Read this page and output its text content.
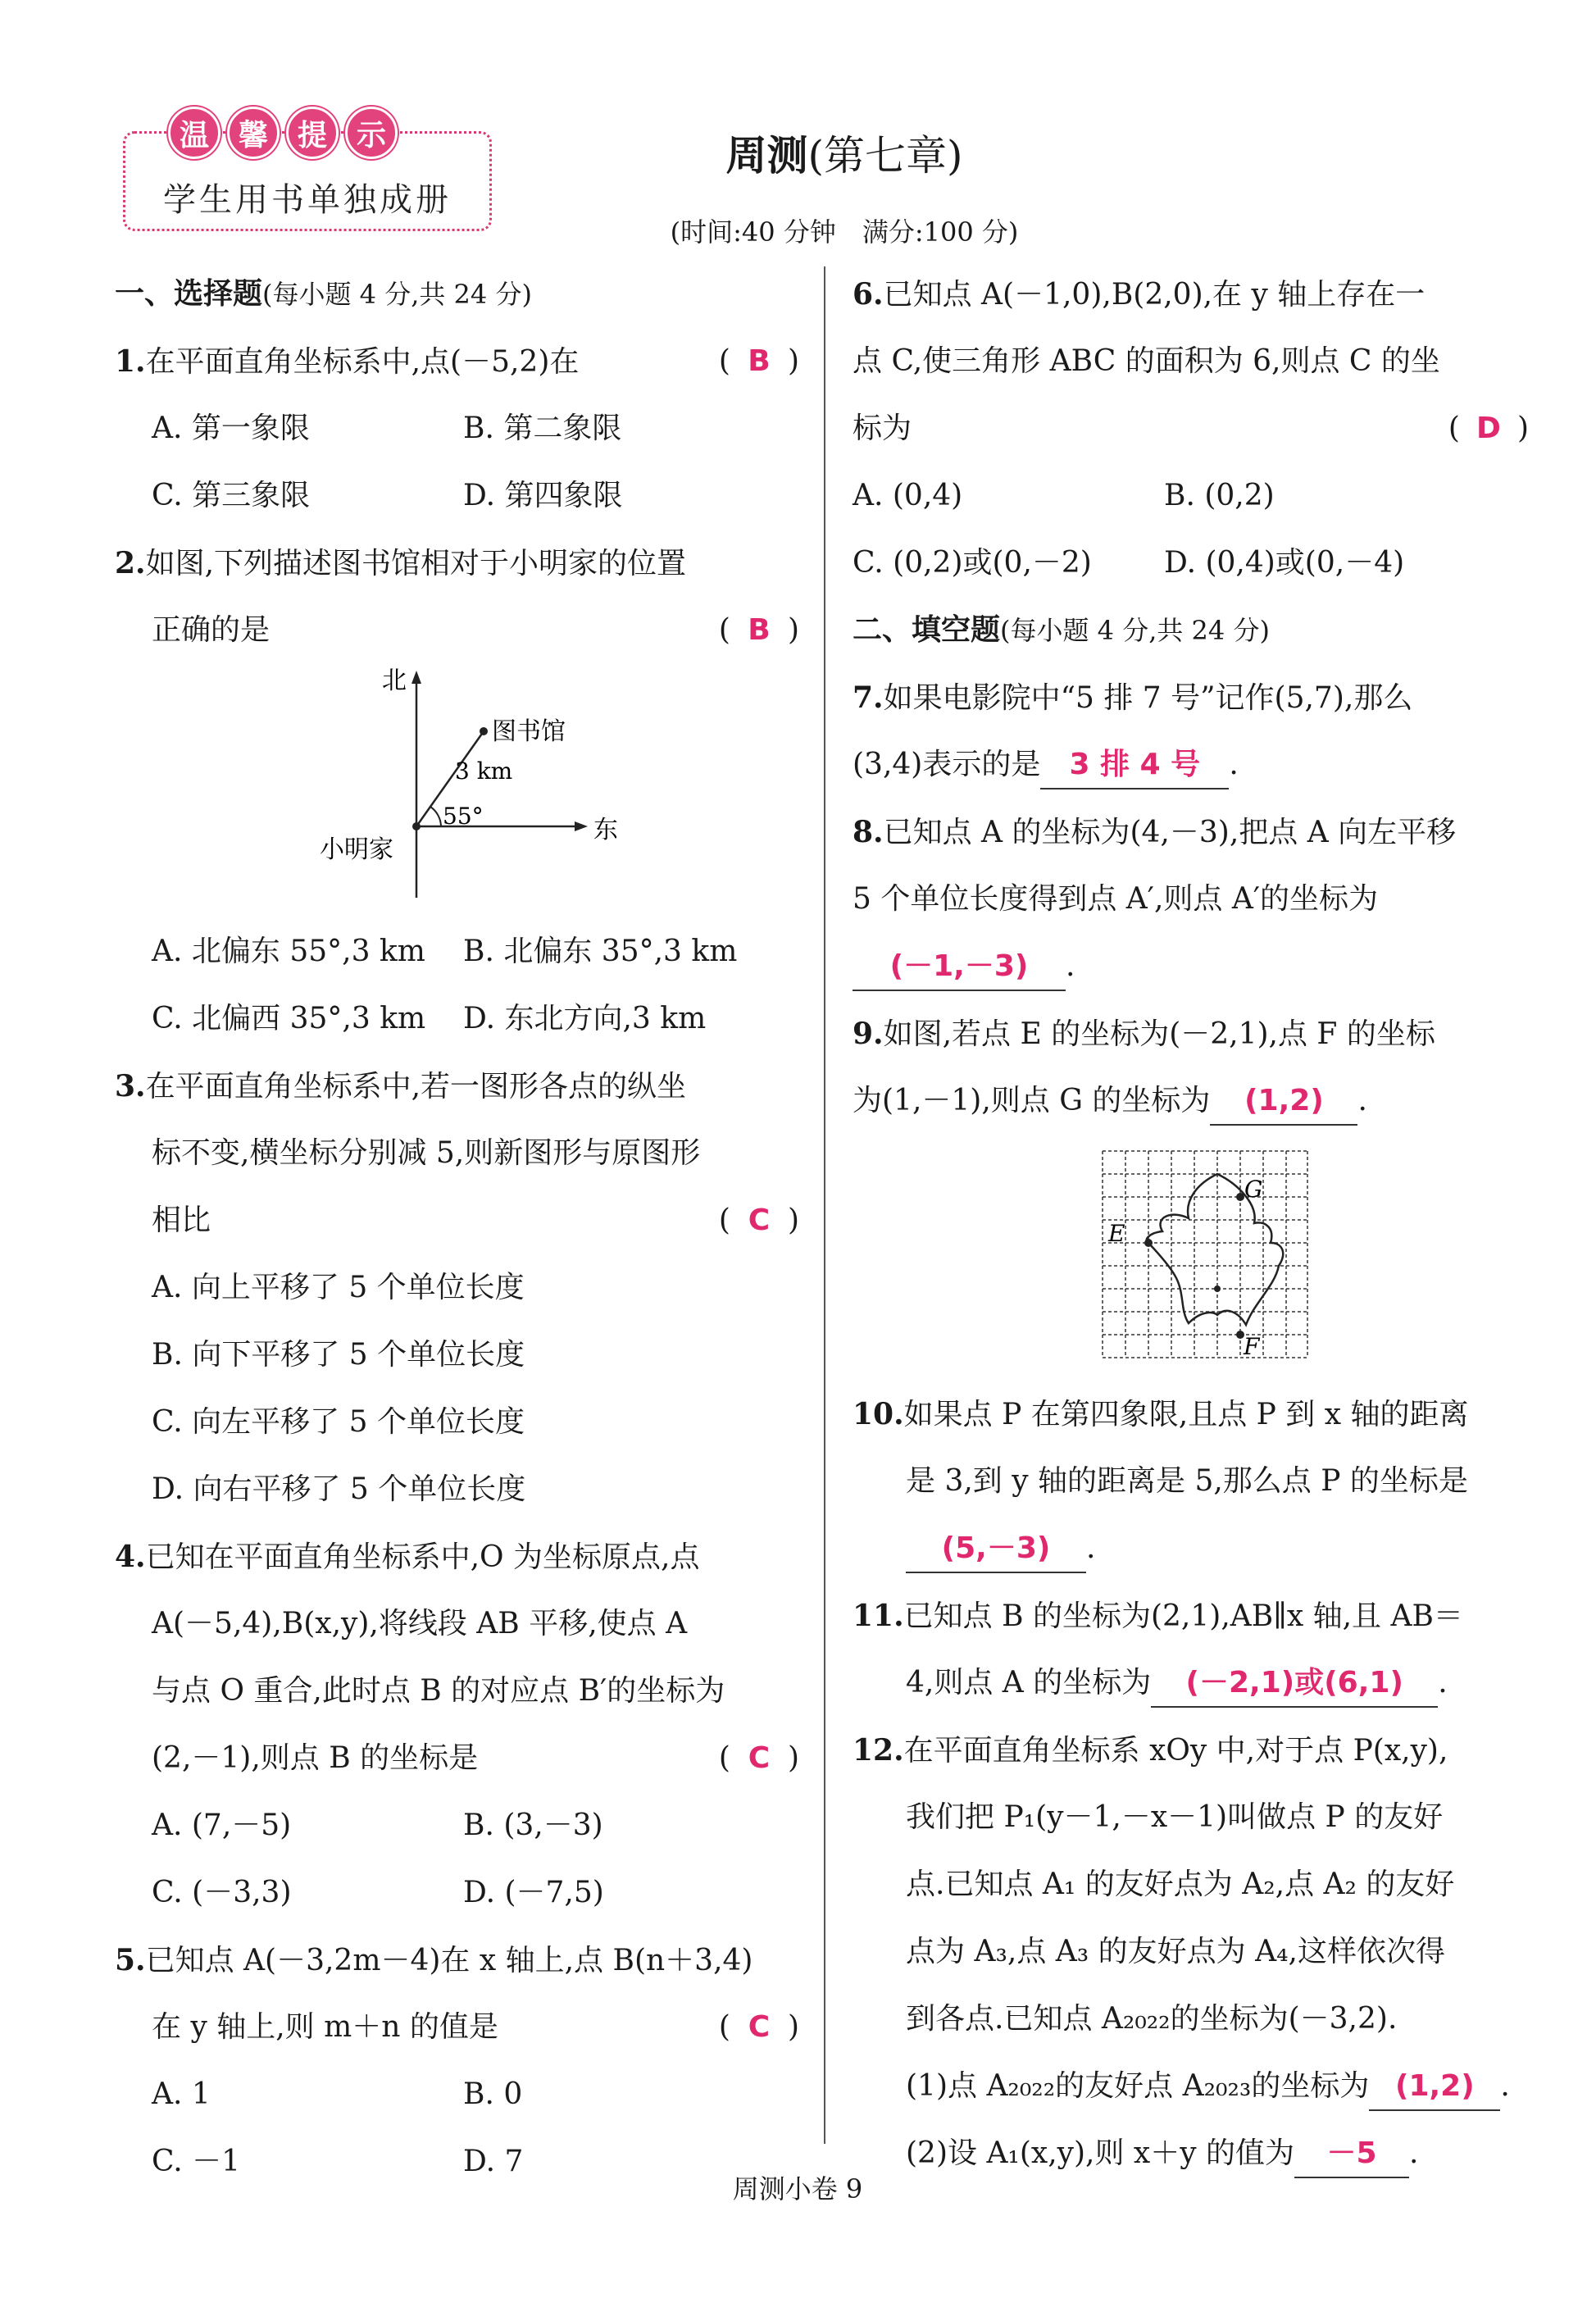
温 馨 提 示
学生用书单独成册
周测(第七章)
(时间:40 分钟　满分:100 分)
一、选择题(每小题 4 分,共 24 分)
1.在平面直角坐标系中,点(－5,2)在	( B )
A. 第一象限	B. 第二象限
C. 第三象限	D. 第四象限
2.如图,下列描述图书馆相对于小明家的位置
正确的是	( B )
北
东
小明家
图书馆
3 km
55°
A. 北偏东 55°,3 km B. 北偏东 35°,3 km
C. 北偏西 35°,3 km D. 东北方向,3 km
3.在平面直角坐标系中,若一图形各点的纵坐
标不变,横坐标分别减 5,则新图形与原图形
相比	( C )
A. 向上平移了 5 个单位长度
B. 向下平移了 5 个单位长度
C. 向左平移了 5 个单位长度
D. 向右平移了 5 个单位长度
4.已知在平面直角坐标系中,O 为坐标原点,点
A(－5,4),B(x,y),将线段 AB 平移,使点 A
与点 O 重合,此时点 B 的对应点 B′的坐标为
(2,－1),则点 B 的坐标是	( C )
A. (7,－5)	B. (3,－3)
C. (－3,3)	D. (－7,5)
5.已知点 A(－3,2m－4)在 x 轴上,点 B(n＋3,4)
在 y 轴上,则 m＋n 的值是	( C )
A. 1	B. 0
C. －1	D. 7
6.已知点 A(－1,0),B(2,0),在 y 轴上存在一
点 C,使三角形 ABC 的面积为 6,则点 C 的坐
标为	( D )
A. (0,4)	B. (0,2)
C. (0,2)或(0,－2) D. (0,4)或(0,－4)
二、填空题(每小题 4 分,共 24 分)
7.如果电影院中“5 排 7 号”记作(5,7),那么
(3,4)表示的是 3 排 4 号 .
8.已知点 A 的坐标为(4,－3),把点 A 向左平移
5 个单位长度得到点 A′,则点 A′的坐标为
(－1,－3) .
9.如图,若点 E 的坐标为(－2,1),点 F 的坐标
为(1,－1),则点 G 的坐标为 (1,2) .
E
F
G
10.如果点 P 在第四象限,且点 P 到 x 轴的距离
是 3,到 y 轴的距离是 5,那么点 P 的坐标是
(5,－3) .
11.已知点 B 的坐标为(2,1),AB∥x 轴,且 AB＝
4,则点 A 的坐标为 (－2,1)或(6,1) .
12.在平面直角坐标系 xOy 中,对于点 P(x,y),
我们把 P₁(y－1,－x－1)叫做点 P 的友好
点.已知点 A₁ 的友好点为 A₂,点 A₂ 的友好
点为 A₃,点 A₃ 的友好点为 A₄,这样依次得
到各点.已知点 A₂₀₂₂的坐标为(－3,2).
(1)点 A₂₀₂₂的友好点 A₂₀₂₃的坐标为 (1,2) .
(2)设 A₁(x,y),则 x＋y 的值为 －5 .
周测小卷 9
